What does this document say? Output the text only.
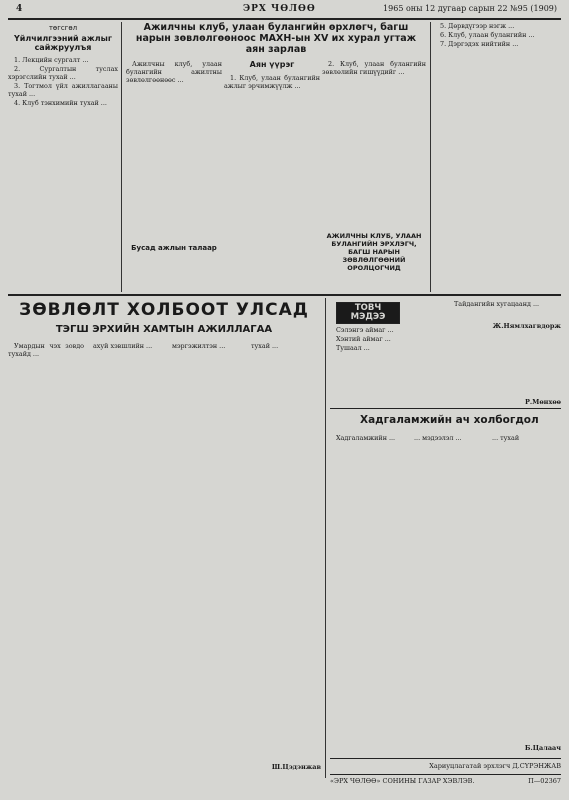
4	ЭРХ ЧӨЛӨӨ	1965 оны 12 дугаар сарын 22 №95 (1909)
төгсгөл
Үйлчилгээний ажлыг сайжруулъя

1. Лекцийн сургалт ...

2. Сургалтын туслах хэрэгслийн тухай ...

3. Тогтмол үйл ажиллагааны тухай ...

4. Клуб тэнхимийн тухай ...

Ажилчны клуб, улаан булангийн өрхлөгч, багш нарын зөвлөлгөөноос МАХН-ын XV их хурал угтаж аян зарлав

Ажилчны клуб, улаан булангийн ажилтны зөвлөлгөөнөөс ...

Аян үүрэг

1. Клуб, улаан булангийн ажлыг эрчимжүүлж ...

Бусад ажлын талаар

2. Клуб, улаан булангийн зөвлөлийн гишүүдийг ...

5. Дөрвдүгээр нэгж ...

6. Клуб, улаан булангийн ...

7. Дэргэдэх нийтийн ...

АЖИЛЧНЫ КЛУБ, УЛААН БУЛАНГИЙН ЭРХЛЭГЧ, БАГШ НАРЫН ЗӨВЛӨЛГӨӨНИЙ ОРОЛЦОГЧИД
ЗӨВЛӨЛТ ХОЛБООТ УЛСАД
ТЭГШ ЭРХИЙН ХАМТЫН АЖИЛЛАГАА

Умардын чэх зовдо тухайд ...

ахуй хэвшлийн ...	мэргэжилтэн ...	тухай ...

Ш.Цэдэнжав
ТОВЧ МЭДЭЭ

Сэлэнгэ аймаг ...

Хэнтий аймаг ...

Тушаал ...

Тайдангийн хугацаанд ...

Ж.Нямлхагвдорж
Р.Мөнхөө
Хадгаламжийн ач холбогдол

Хадгаламжийн ...	... мэдээлэл ...	... тухай

Б.Цалаач
Хариуцлагатай эрхлэгч Д.СҮРЭНЖАВ
«ЭРХ ЧӨЛӨӨ» СОНИНЫ ГАЗАР ХЭВЛЭВ.	П—02367
